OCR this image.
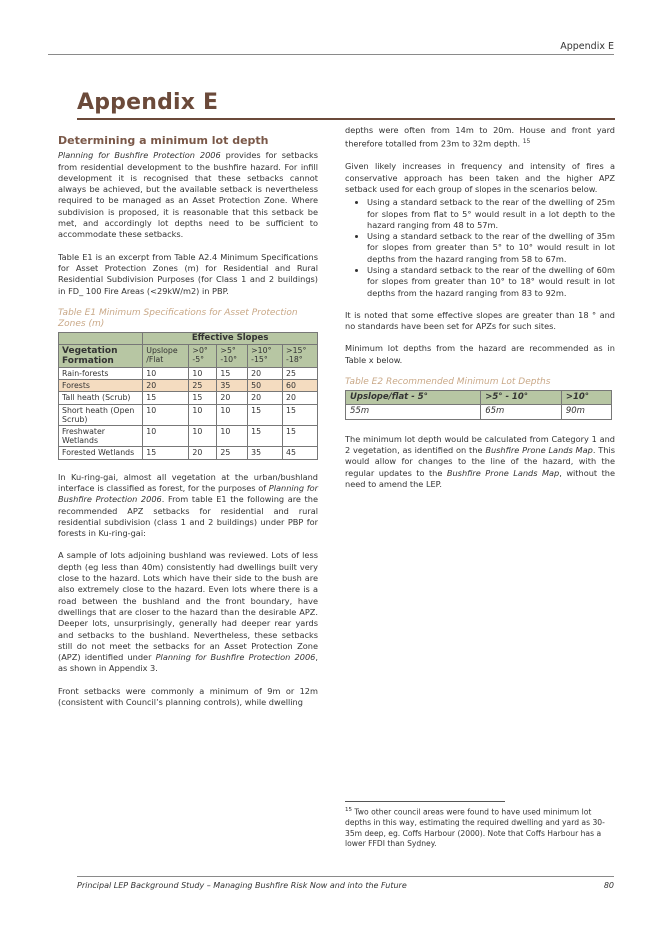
Appendix E
Appendix E
Determining a minimum lot depth

Planning for Bushfire Protection 2006 provides for setbacks from residential development to the bushfire hazard. For infill development it is recognised that these setbacks cannot always be achieved, but the available setback is nevertheless required to be managed as an Asset Protection Zone. Where subdivision is proposed, it is reasonable that this setback be met, and accordingly lot depths need to be sufficient to accommodate these setbacks.

Table E1 is an excerpt from Table A2.4 Minimum Specifications for Asset Protection Zones (m) for Residential and Rural Residential Subdivision Purposes (for Class 1 and 2 buildings) in FD_ 100 Fire Areas (<29kW/m2) in PBP.

Table E1 Minimum Specifications for Asset Protection Zones (m)
	Effective Slopes				
Vegetation Formation	Upslope /Flat	>0° -5°	>5° -10°	>10° -15°	>15° -18°
Rain-forests	10	10	15	20	25
Forests	20	25	35	50	60
Tall heath (Scrub)	15	15	20	20	20
Short heath (Open Scrub)	10	10	10	15	15
Freshwater Wetlands	10	10	10	15	15
Forested Wetlands	15	20	25	35	45

In Ku-ring-gai, almost all vegetation at the urban/bushland interface is classified as forest, for the purposes of Planning for Bushfire Protection 2006. From table E1 the following are the recommended APZ setbacks for residential and rural residential subdivision (class 1 and 2 buildings) under PBP for forests in Ku-ring-gai:

A sample of lots adjoining bushland was reviewed. Lots of less depth (eg less than 40m) consistently had dwellings built very close to the hazard. Lots which have their side to the bush are also extremely close to the hazard. Even lots where there is a road between the bushland and the front boundary, have dwellings that are closer to the hazard than the desirable APZ. Deeper lots, unsurprisingly, generally had deeper rear yards and setbacks to the bushland. Nevertheless, these setbacks still do not meet the setbacks for an Asset Protection Zone (APZ) identified under Planning for Bushfire Protection 2006, as shown in Appendix 3.

Front setbacks were commonly a minimum of 9m or 12m (consistent with Council’s planning controls), while dwelling

depths were often from 14m to 20m. House and front yard therefore totalled from 23m to 32m depth. $^{15}$

Given likely increases in frequency and intensity of fires a conservative approach has been taken and the higher APZ setback used for each group of slopes in the scenarios below.

• Using a standard setback to the rear of the dwelling of 25m for slopes from flat to 5° would result in a lot depth to the hazard ranging from 48 to 57m.
• Using a standard setback to the rear of the dwelling of 35m for slopes from greater than 5° to 10° would result in lot depths from the hazard ranging from 58 to 67m.
• Using a standard setback to the rear of the dwelling of 60m for slopes from greater than 10° to 18° would result in lot depths from the hazard ranging from 83 to 92m.

It is noted that some effective slopes are greater than 18 ° and no standards have been set for APZs for such sites.

Minimum lot depths from the hazard are recommended as in Table x below.

Table E2 Recommended Minimum Lot Depths
Upslope/flat - 5°	>5° - 10°	>10°
55m	65m	90m

The minimum lot depth would be calculated from Category 1 and 2 vegetation, as identified on the Bushfire Prone Lands Map. This would allow for changes to the line of the hazard, with the regular updates to the Bushfire Prone Lands Map, without the need to amend the LEP.

$^{15}$ Two other council areas were found to have used minimum lot depths in this way, estimating the required dwelling and yard as 30-35m deep, eg. Coffs Harbour (2000). Note that Coffs Harbour has a lower FFDI than Sydney.
Principal LEP Background Study – Managing Bushfire Risk Now and into the Future	80
